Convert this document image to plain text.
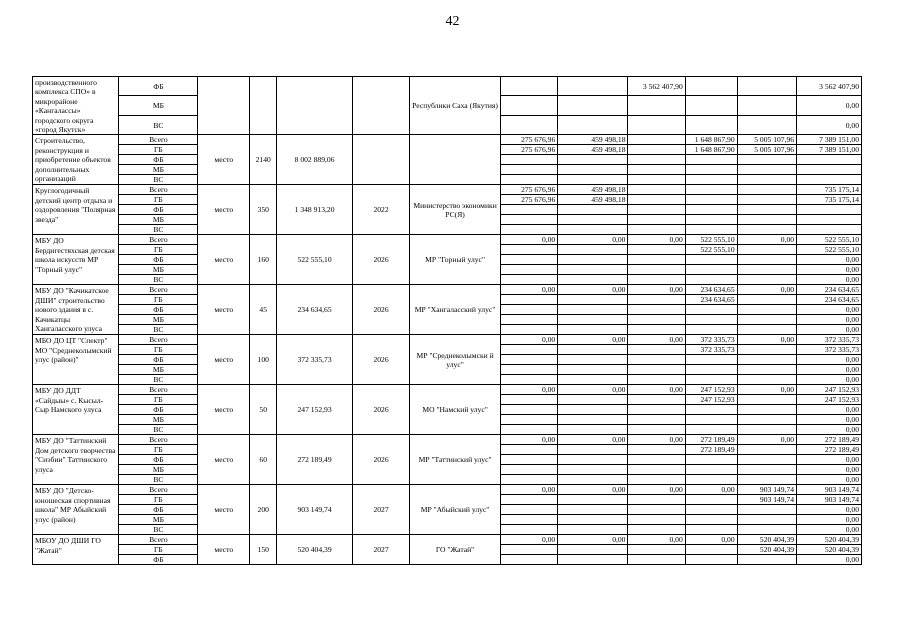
42
производственного комплекса СПО» в микрорайоне «Кангалассы» городского округа «город Якутск»	ФБ					Республики Саха (Якутия)			3 562 407,90			3 562 407,90
	МБ											0,00
	ВС											0,00
Строительство, реконструкция и приобретение объектов дополнительных организаций	Всего	место	2140	8 002 889,06			275 676,96	459 498,18		1 648 867,90	5 005 107,96	7 389 151,00
	ГБ						275 676,96	459 498,18		1 648 867,90	5 005 107,96	7 389 151,00
	ФБ											
	МБ											
	ВС											
Круглогодичный детский центр отдыха и оздоровления "Полярная звезда"	Всего	место	350	1 348 913,20	2022	Министерство экономики РС(Я)	275 676,96	459 498,18				735 175,14
	ГБ						275 676,96	459 498,18				735 175,14
	ФБ											
	МБ											
	ВС											
МБУ ДО Бердигестяхская детская школа искусств МР "Горный улус"	Всего	место	160	522 555,10	2026	МР "Горный улус"	0,00	0,00	0,00	522 555,10	0,00	522 555,10
	ГБ									522 555,10		522 555,10
	ФБ											0,00
	МБ											0,00
	ВС											0,00
МБУ ДО "Качикатское ДШИ" строительство нового здания в с. Качикатцы Хангаласского улуса	Всего	место	45	234 634,65	2026	МР "Хангаласский улус"	0,00	0,00	0,00	234 634,65	0,00	234 634,65
	ГБ									234 634,65		234 634,65
	ФБ											0,00
	МБ											0,00
	ВС											0,00
МБО ДО ЦТ "Спектр" МО "Среднеколымский улус (район)"	Всего	место	100	372 335,73	2026	МР "Среднеколымски й улус"	0,00	0,00	0,00	372 335,73	0,00	372 335,73
	ГБ									372 335,73		372 335,73
	ФБ											0,00
	МБ											0,00
	ВС											0,00
МБУ ДО ДДТ «Сайдыы» с. Кысыл-Сыр Намского улуса	Всего	место	50	247 152,93	2026	МО "Намский улус"	0,00	0,00	0,00	247 152,93	0,00	247 152,93
	ГБ									247 152,93		247 152,93
	ФБ											0,00
	МБ											0,00
	ВС											0,00
МБУ ДО "Таттинский Дом детского творчества "Сиэбии" Таттинского улуса	Всего	место	60	272 189,49	2026	МР "Таттинский улус"	0,00	0,00	0,00	272 189,49	0,00	272 189,49
	ГБ									272 189,49		272 189,49
	ФБ											0,00
	МБ											0,00
	ВС											0,00
МБУ ДО "Детско-юношеская спортивная школа" МР Абыйский улус (район)	Всего	место	200	903 149,74	2027	МР "Абыйский улус"	0,00	0,00	0,00	0,00	903 149,74	903 149,74
	ГБ										903 149,74	903 149,74
	ФБ											0,00
	МБ											0,00
	ВС											0,00
МБОУ ДО ДШИ ГО "Жатай"	Всего	место	150	520 404,39	2027	ГО "Жатай"	0,00	0,00	0,00	0,00	520 404,39	520 404,39
	ГБ										520 404,39	520 404,39
	ФБ											0,00
